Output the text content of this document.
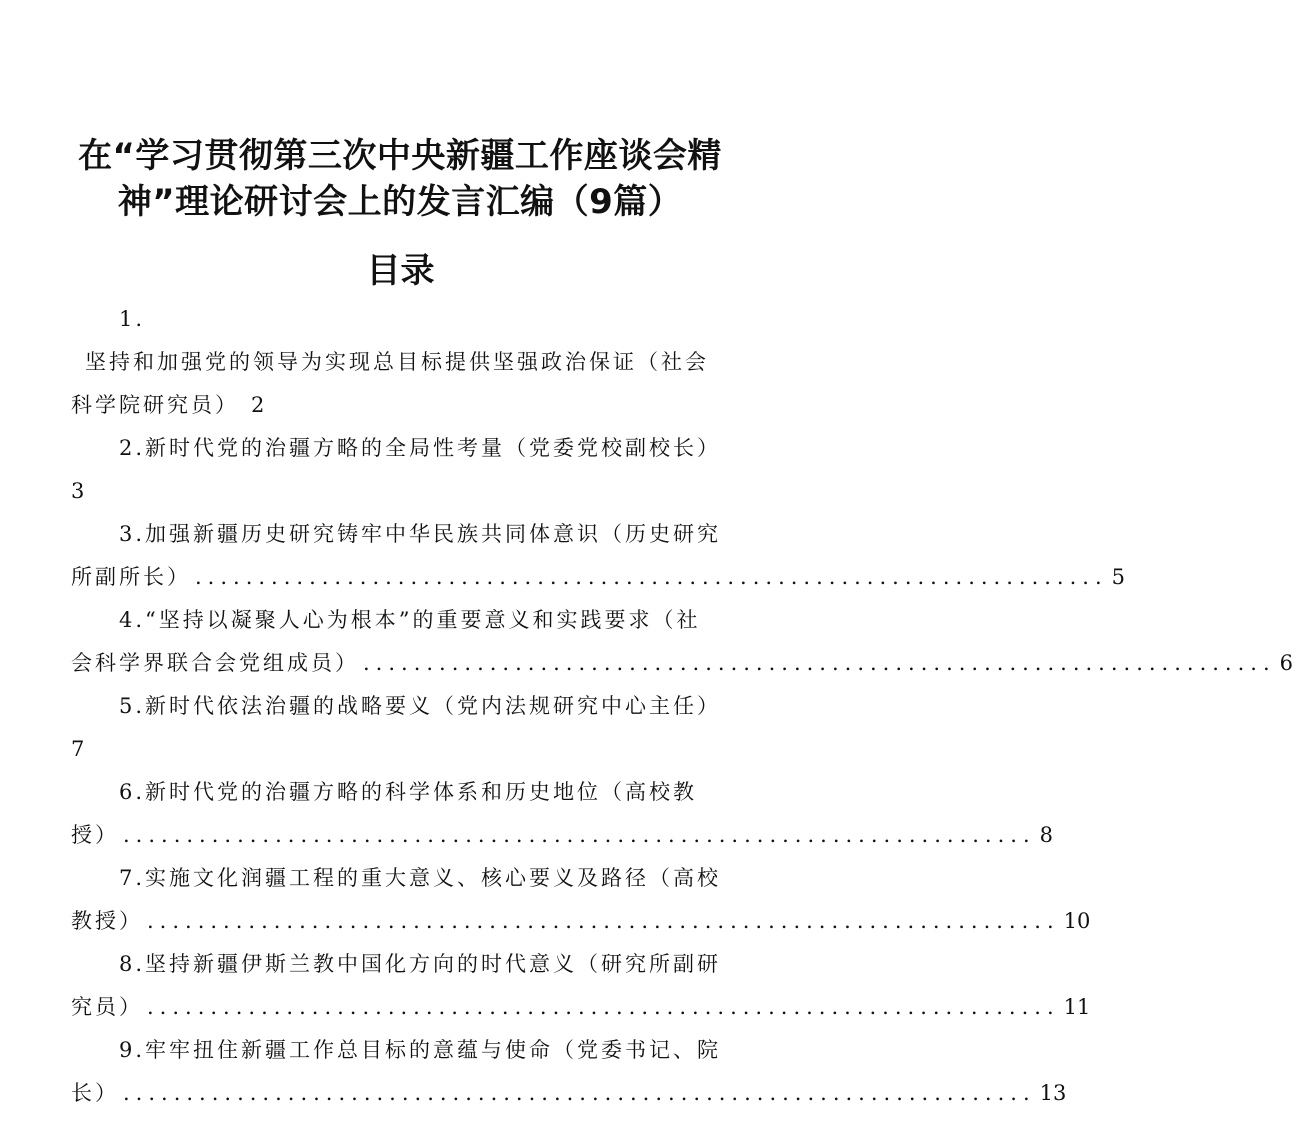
在“学习贯彻第三次中央新疆工作座谈会精
神”理论研讨会上的发言汇编（9篇）
目录
1.
坚持和加强党的领导为实现总目标提供坚强政治保证（社会
科学院研究员） 2
2.新时代党的治疆方略的全局性考量（党委党校副校长）
3
3.加强新疆历史研究铸牢中华民族共同体意识（历史研究
所副所长） ........................................................................ 5
4.“坚持以凝聚人心为根本”的重要意义和实践要求（社
会科学界联合会党组成员） ........................................................................ 6
5.新时代依法治疆的战略要义（党内法规研究中心主任）
7
6.新时代党的治疆方略的科学体系和历史地位（高校教
授） ........................................................................ 8
7.实施文化润疆工程的重大意义、核心要义及路径（高校
教授） ........................................................................ 10
8.坚持新疆伊斯兰教中国化方向的时代意义（研究所副研
究员） ........................................................................ 11
9.牢牢扭住新疆工作总目标的意蕴与使命（党委书记、院
长） ........................................................................ 13
